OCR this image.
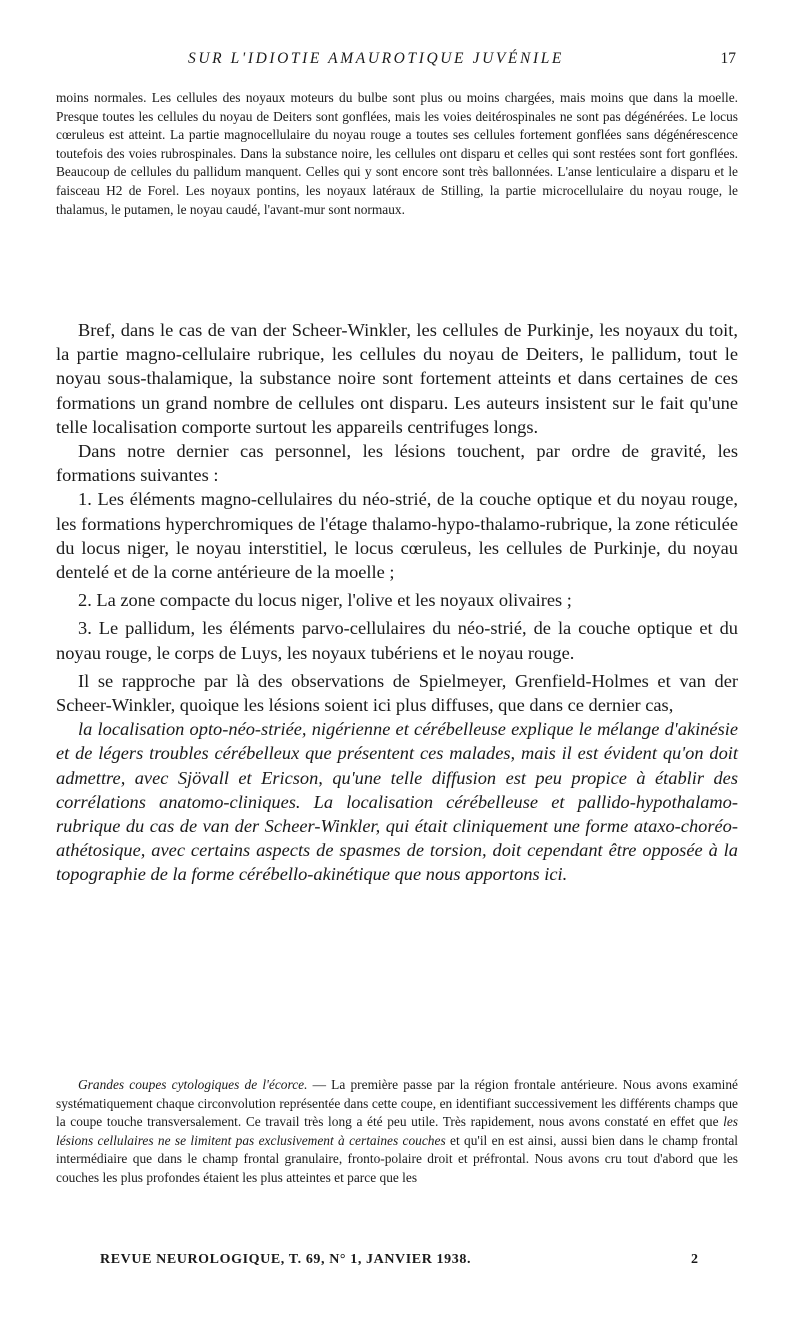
SUR L'IDIOTIE AMAUROTIQUE JUVÉNILE	17

moins normales. Les cellules des noyaux moteurs du bulbe sont plus ou moins chargées, mais moins que dans la moelle. Presque toutes les cellules du noyau de Deiters sont gonflées, mais les voies deitérospinales ne sont pas dégénérées. Le locus cœruleus est atteint. La partie magnocellulaire du noyau rouge a toutes ses cellules fortement gonflées sans dégénérescence toutefois des voies rubrospinales. Dans la substance noire, les cellules ont disparu et celles qui sont restées sont fort gonflées. Beaucoup de cellules du pallidum manquent. Celles qui y sont encore sont très ballonnées. L'anse lenticulaire a disparu et le faisceau H2 de Forel. Les noyaux pontins, les noyaux latéraux de Stilling, la partie microcellulaire du noyau rouge, le thalamus, le putamen, le noyau caudé, l'avant-mur sont normaux.

Bref, dans le cas de van der Scheer-Winkler, les cellules de Purkinje, les noyaux du toit, la partie magno-cellulaire rubrique, les cellules du noyau de Deiters, le pallidum, tout le noyau sous-thalamique, la substance noire sont fortement atteints et dans certaines de ces formations un grand nombre de cellules ont disparu. Les auteurs insistent sur le fait qu'une telle localisation comporte surtout les appareils centrifuges longs.

Dans notre dernier cas personnel, les lésions touchent, par ordre de gravité, les formations suivantes :

1. Les éléments magno-cellulaires du néo-strié, de la couche optique et du noyau rouge, les formations hyperchromiques de l'étage thalamo-hypo-thalamo-rubrique, la zone réticulée du locus niger, le noyau interstitiel, le locus cœruleus, les cellules de Purkinje, du noyau dentelé et de la corne antérieure de la moelle ;

2. La zone compacte du locus niger, l'olive et les noyaux olivaires ;

3. Le pallidum, les éléments parvo-cellulaires du néo-strié, de la couche optique et du noyau rouge, le corps de Luys, les noyaux tubériens et le noyau rouge.

Il se rapproche par là des observations de Spielmeyer, Grenfield-Holmes et van der Scheer-Winkler, quoique les lésions soient ici plus diffuses, que dans ce dernier cas,

la localisation opto-néo-striée, nigérienne et cérébelleuse explique le mélange d'akinésie et de légers troubles cérébelleux que présentent ces malades, mais il est évident qu'on doit admettre, avec Sjövall et Ericson, qu'une telle diffusion est peu propice à établir des corrélations anatomo-cliniques. La localisation cérébelleuse et pallido-hypothalamo-rubrique du cas de van der Scheer-Winkler, qui était cliniquement une forme ataxo-choréo-athétosique, avec certains aspects de spasmes de torsion, doit cependant être opposée à la topographie de la forme cérébello-akinétique que nous apportons ici.

Grandes coupes cytologiques de l'écorce. — La première passe par la région frontale antérieure. Nous avons examiné systématiquement chaque circonvolution représentée dans cette coupe, en identifiant successivement les différents champs que la coupe touche transversalement. Ce travail très long a été peu utile. Très rapidement, nous avons constaté en effet que les lésions cellulaires ne se limitent pas exclusivement à certaines couches et qu'il en est ainsi, aussi bien dans le champ frontal intermédiaire que dans le champ frontal granulaire, fronto-polaire droit et préfrontal. Nous avons cru tout d'abord que les couches les plus profondes étaient les plus atteintes et parce que les

REVUE NEUROLOGIQUE, T. 69, N° 1, JANVIER 1938.	2
